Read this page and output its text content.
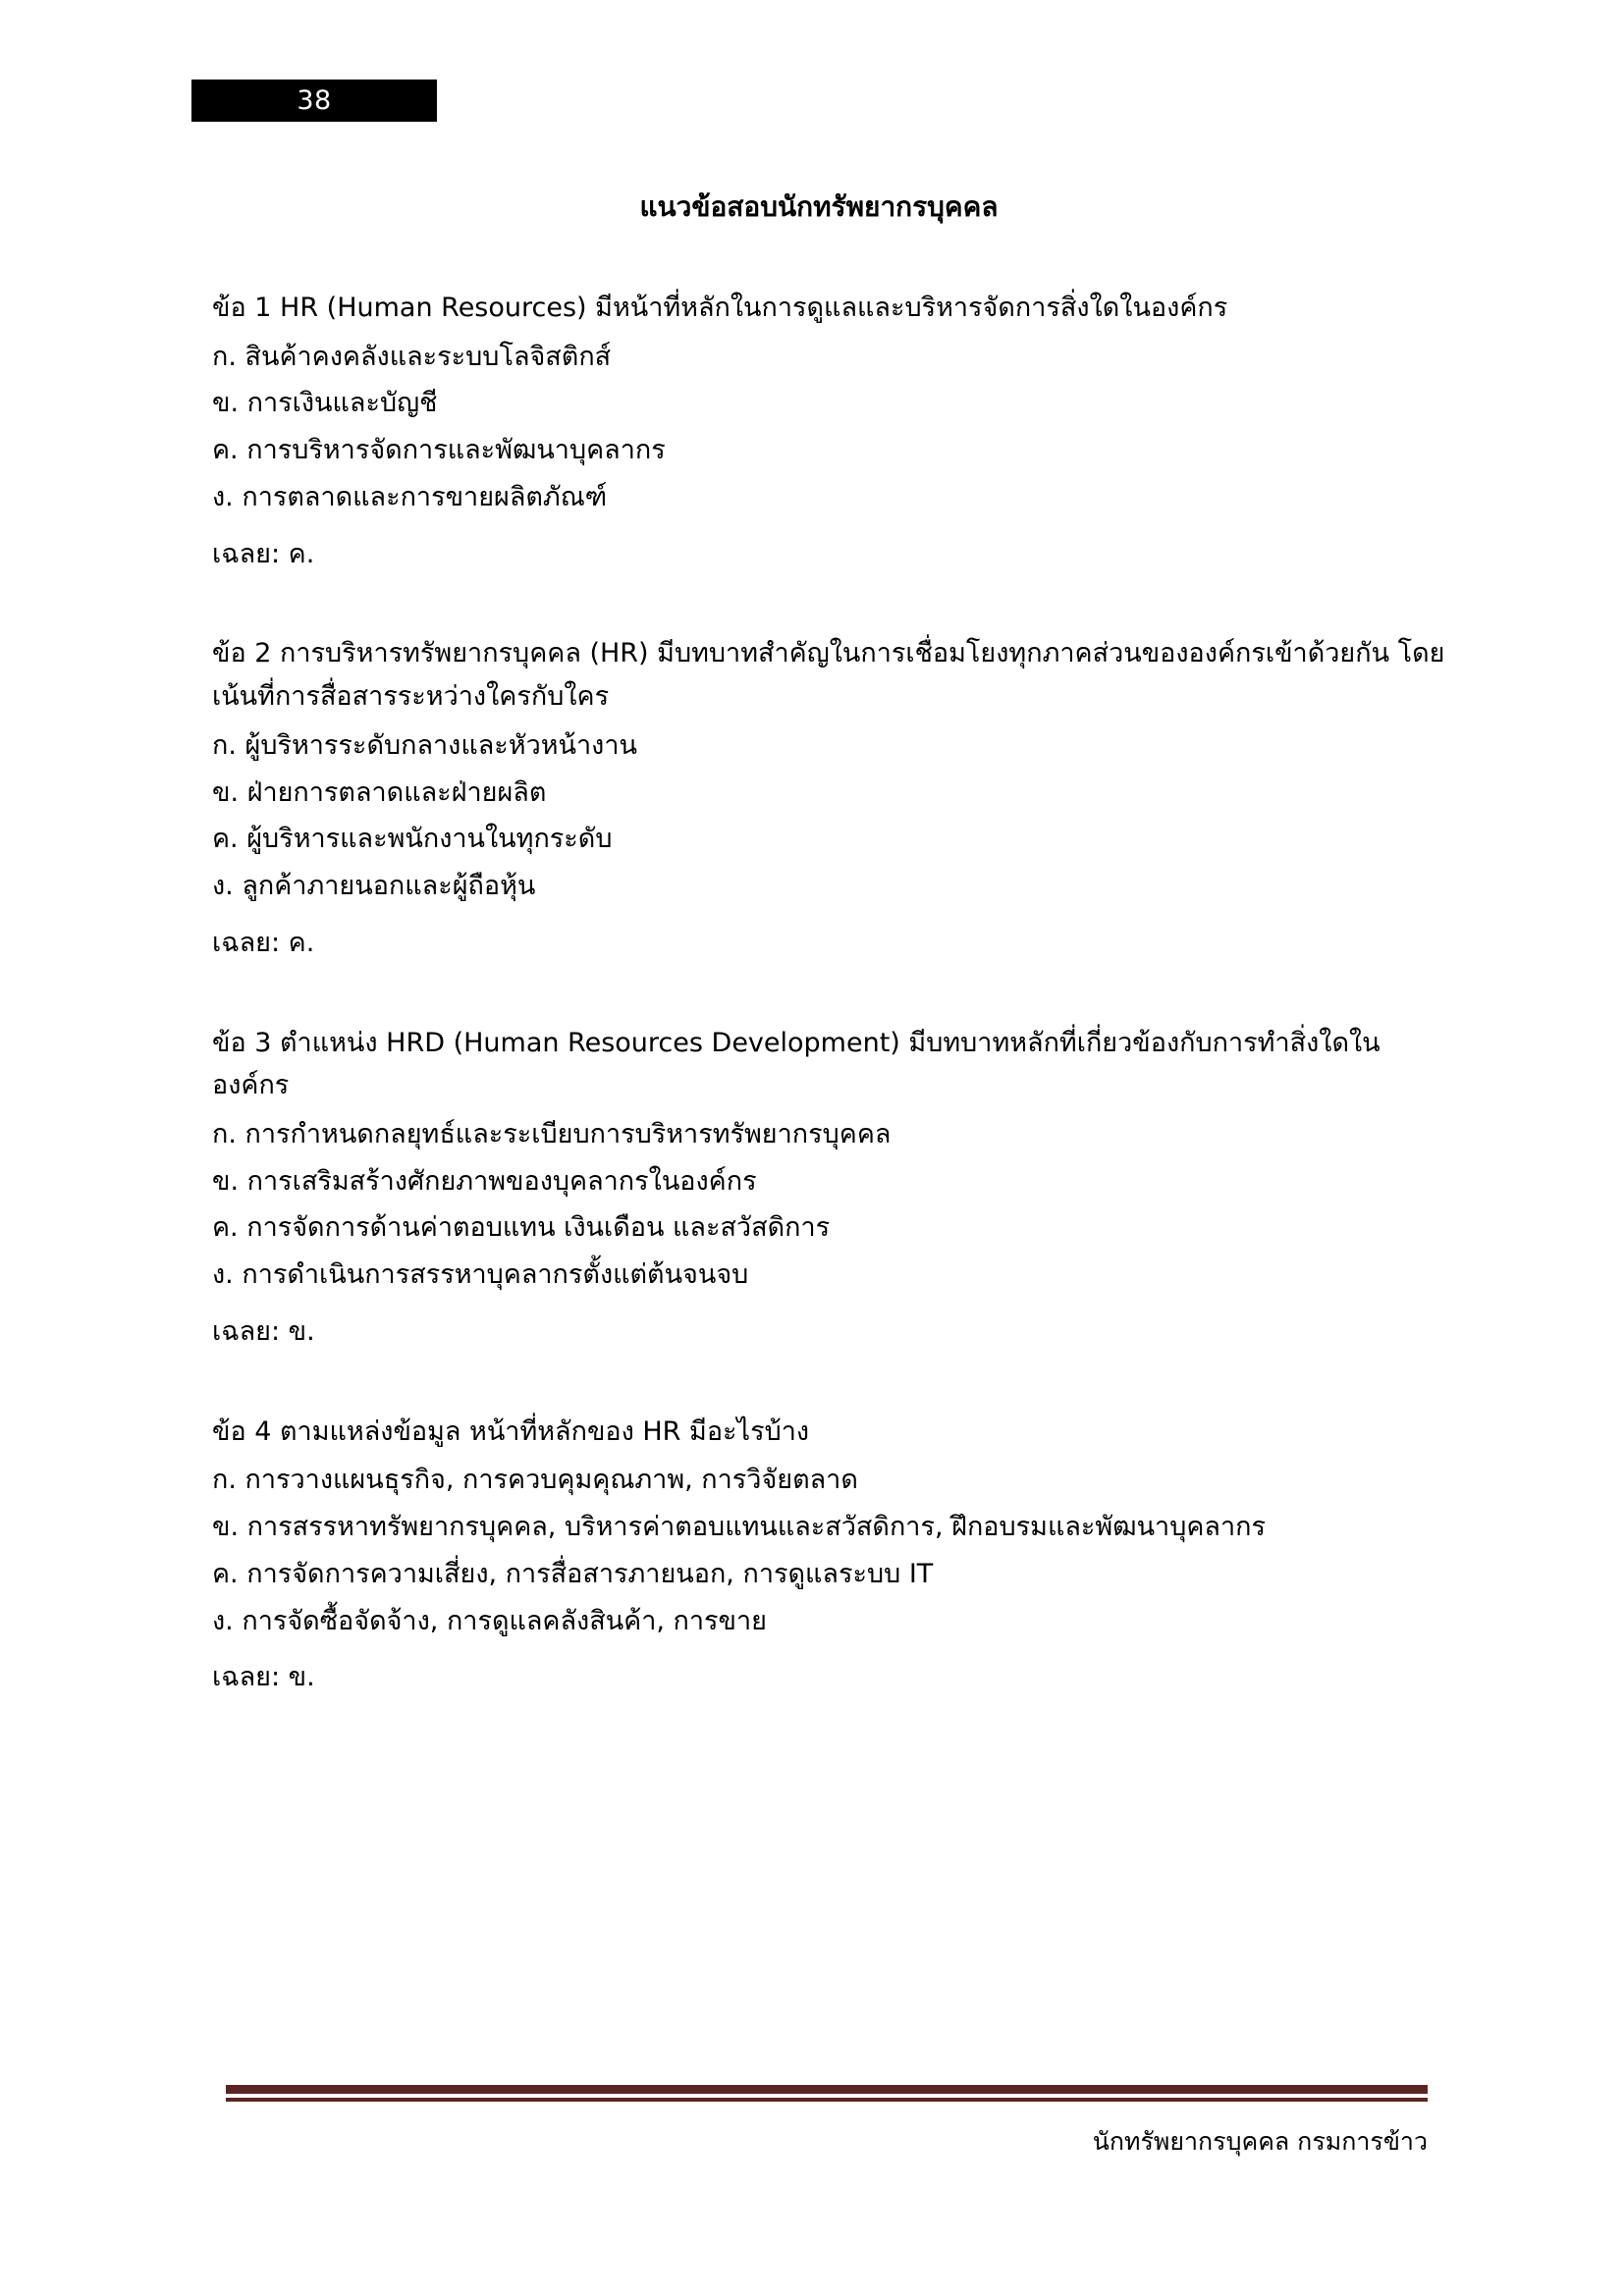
38
แนวข้อสอบนักทรัพยากรบุคคล

ข้อ 1 HR (Human Resources) มีหน้าที่หลักในการดูแลและบริหารจัดการสิ่งใดในองค์กร

ก. สินค้าคงคลังและระบบโลจิสติกส์

ข. การเงินและบัญชี

ค. การบริหารจัดการและพัฒนาบุคลากร

ง. การตลาดและการขายผลิตภัณฑ์

เฉลย: ค.

ข้อ 2 การบริหารทรัพยากรบุคคล (HR) มีบทบาทสำคัญในการเชื่อมโยงทุกภาคส่วนขององค์กรเข้าด้วยกัน โดยเน้นที่การสื่อสารระหว่างใครกับใคร

ก. ผู้บริหารระดับกลางและหัวหน้างาน

ข. ฝ่ายการตลาดและฝ่ายผลิต

ค. ผู้บริหารและพนักงานในทุกระดับ

ง. ลูกค้าภายนอกและผู้ถือหุ้น

เฉลย: ค.

ข้อ 3 ตำแหน่ง HRD (Human Resources Development) มีบทบาทหลักที่เกี่ยวข้องกับการทำสิ่งใดในองค์กร

ก. การกำหนดกลยุทธ์และระเบียบการบริหารทรัพยากรบุคคล

ข. การเสริมสร้างศักยภาพของบุคลากรในองค์กร

ค. การจัดการด้านค่าตอบแทน เงินเดือน และสวัสดิการ

ง. การดำเนินการสรรหาบุคลากรตั้งแต่ต้นจนจบ

เฉลย: ข.

ข้อ 4 ตามแหล่งข้อมูล หน้าที่หลักของ HR มีอะไรบ้าง

ก. การวางแผนธุรกิจ, การควบคุมคุณภาพ, การวิจัยตลาด

ข. การสรรหาทรัพยากรบุคคล, บริหารค่าตอบแทนและสวัสดิการ, ฝึกอบรมและพัฒนาบุคลากร

ค. การจัดการความเสี่ยง, การสื่อสารภายนอก, การดูแลระบบ IT

ง. การจัดซื้อจัดจ้าง, การดูแลคลังสินค้า, การขาย

เฉลย: ข.

นักทรัพยากรบุคคล กรมการข้าว
